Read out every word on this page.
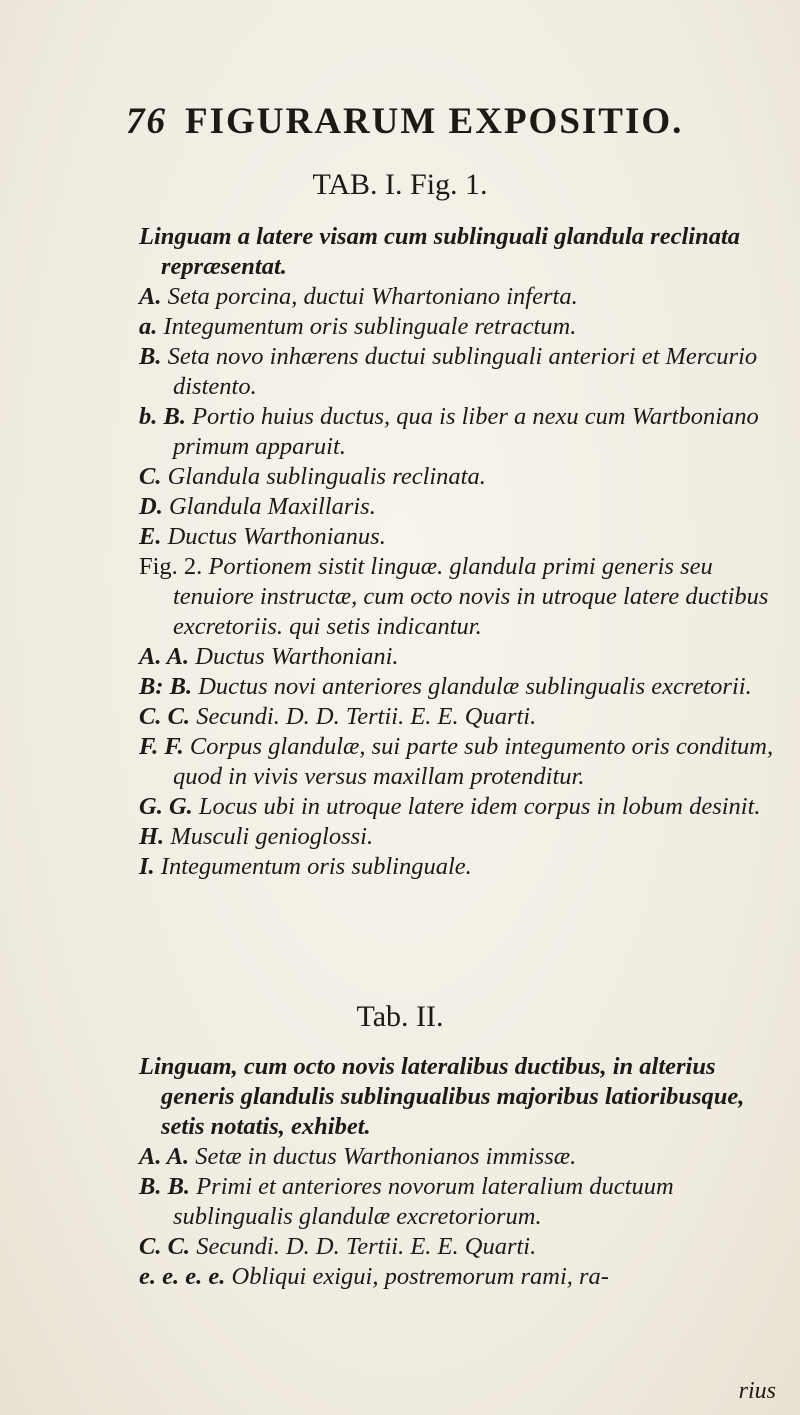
76 FIGURARUM EXPOSITIO.
TAB. I. Fig. 1.

Linguam a latere visam cum sublinguali glandula reclinata repræsentat.

A. Seta porcina, ductui Whartoniano inferta.

a. Integumentum oris sublinguale retractum.

B. Seta novo inhærens ductui sublinguali anteriori et Mercurio distento.

b. B. Portio huius ductus, qua is liber a nexu cum Wartboniano primum apparuit.

C. Glandula sublingualis reclinata.

D. Glandula Maxillaris.

E. Ductus Warthonianus.

Fig. 2. Portionem sistit linguæ. glandula primi generis seu tenuiore instructæ, cum octo novis in utroque latere ductibus excretoriis. qui setis indicantur.

A. A. Ductus Warthoniani.

B: B. Ductus novi anteriores glandulæ sublingualis excretorii.

C. C. Secundi. D. D. Tertii. E. E. Quarti.

F. F. Corpus glandulæ, sui parte sub integumento oris conditum, quod in vivis versus maxillam protenditur.

G. G. Locus ubi in utroque latere idem corpus in lobum desinit.

H. Musculi genioglossi.

I. Integumentum oris sublinguale.

Tab. II.

Linguam, cum octo novis lateralibus ductibus, in alterius generis glandulis sublingualibus majoribus latioribusque, setis notatis, exhibet.

A. A. Setæ in ductus Warthonianos immissæ.

B. B. Primi et anteriores novorum lateralium ductuum sublingualis glandulæ excretoriorum.

C. C. Secundi. D. D. Tertii. E. E. Quarti.

e. e. e. e. Obliqui exigui, postremorum rami, ra-

rius
